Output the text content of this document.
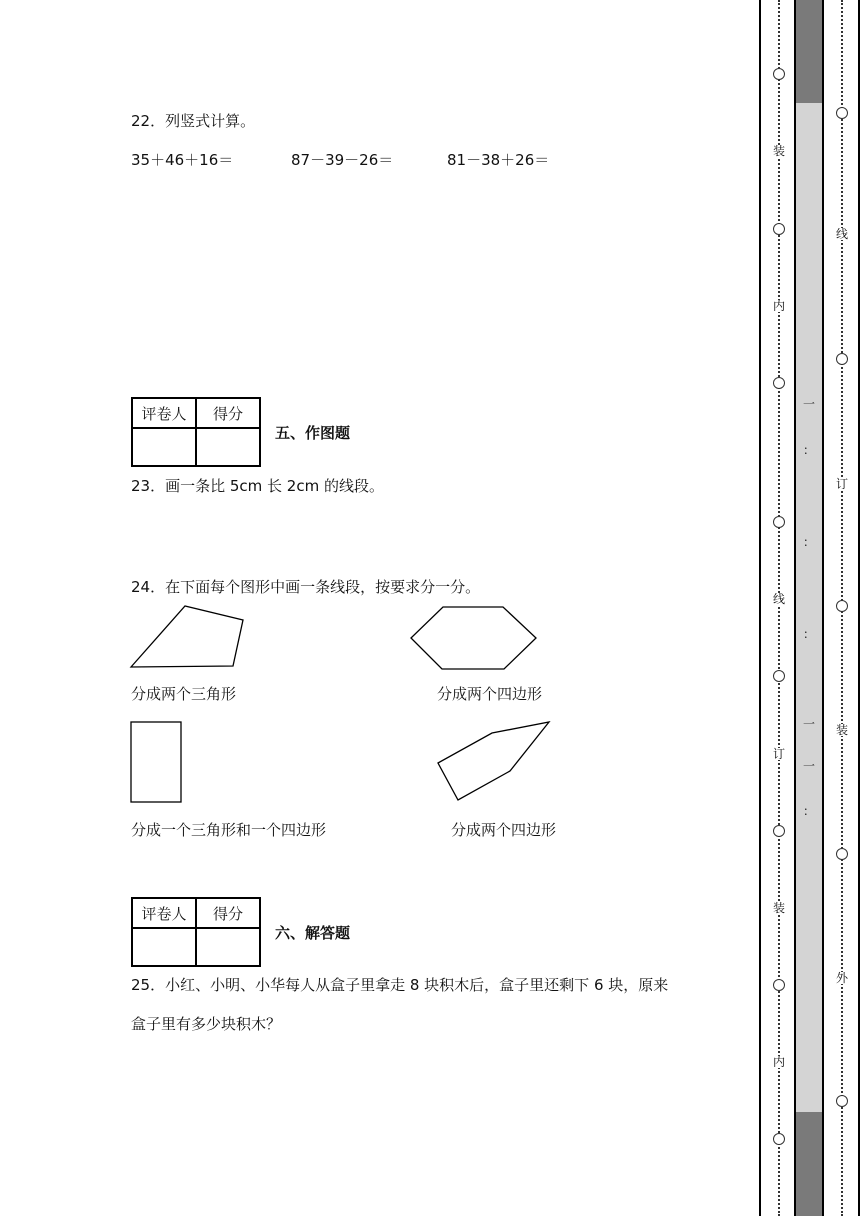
22．列竖式计算。
35＋46＋16＝	87－39－26＝	81－38＋26＝
评卷人	得分

五、作图题
23．画一条比 5cm 长 2cm 的线段。
24．在下面每个图形中画一条线段，按要求分一分。
分成两个三角形	分成两个四边形
分成一个三角形和一个四边形	分成两个四边形
评卷人	得分

六、解答题
25．小红、小明、小华每人从盒子里拿走 8 块积木后，盒子里还剩下 6 块，原来
盒子里有多少块积木？
装
内
线
订
装
内
一
：
：
：
一
一
：
线
订
装
外
